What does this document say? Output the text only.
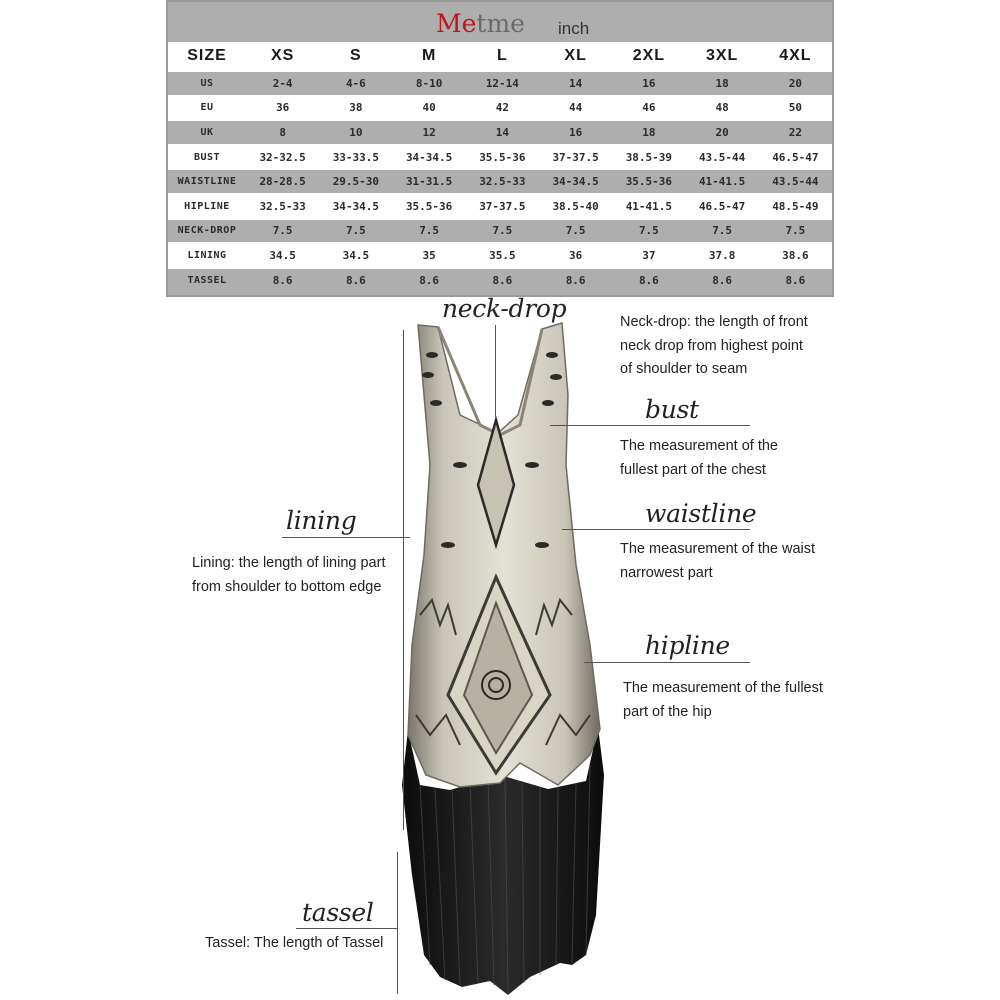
Metme inch
SIZE	XS	S	M	L	XL	2XL	3XL	4XL
US	2-4	4-6	8-10	12-14	14	16	18	20
EU	36	38	40	42	44	46	48	50
UK	8	10	12	14	16	18	20	22
BUST	32-32.5	33-33.5	34-34.5	35.5-36	37-37.5	38.5-39	43.5-44	46.5-47
WAISTLINE	28-28.5	29.5-30	31-31.5	32.5-33	34-34.5	35.5-36	41-41.5	43.5-44
HIPLINE	32.5-33	34-34.5	35.5-36	37-37.5	38.5-40	41-41.5	46.5-47	48.5-49
NECK-DROP	7.5	7.5	7.5	7.5	7.5	7.5	7.5	7.5
LINING	34.5	34.5	35	35.5	36	37	37.8	38.6
TASSEL	8.6	8.6	8.6	8.6	8.6	8.6	8.6	8.6
neck-drop	Neck-drop: the length of front
neck drop from highest point
of shoulder to seam
bust
The measurement of the
fullest part of the chest
waistline
The measurement of the waist
narrowest part
lining
Lining: the length of lining part
from shoulder to bottom edge
hipline
The measurement of the fullest
part of the hip
tassel
Tassel: The length of Tassel
